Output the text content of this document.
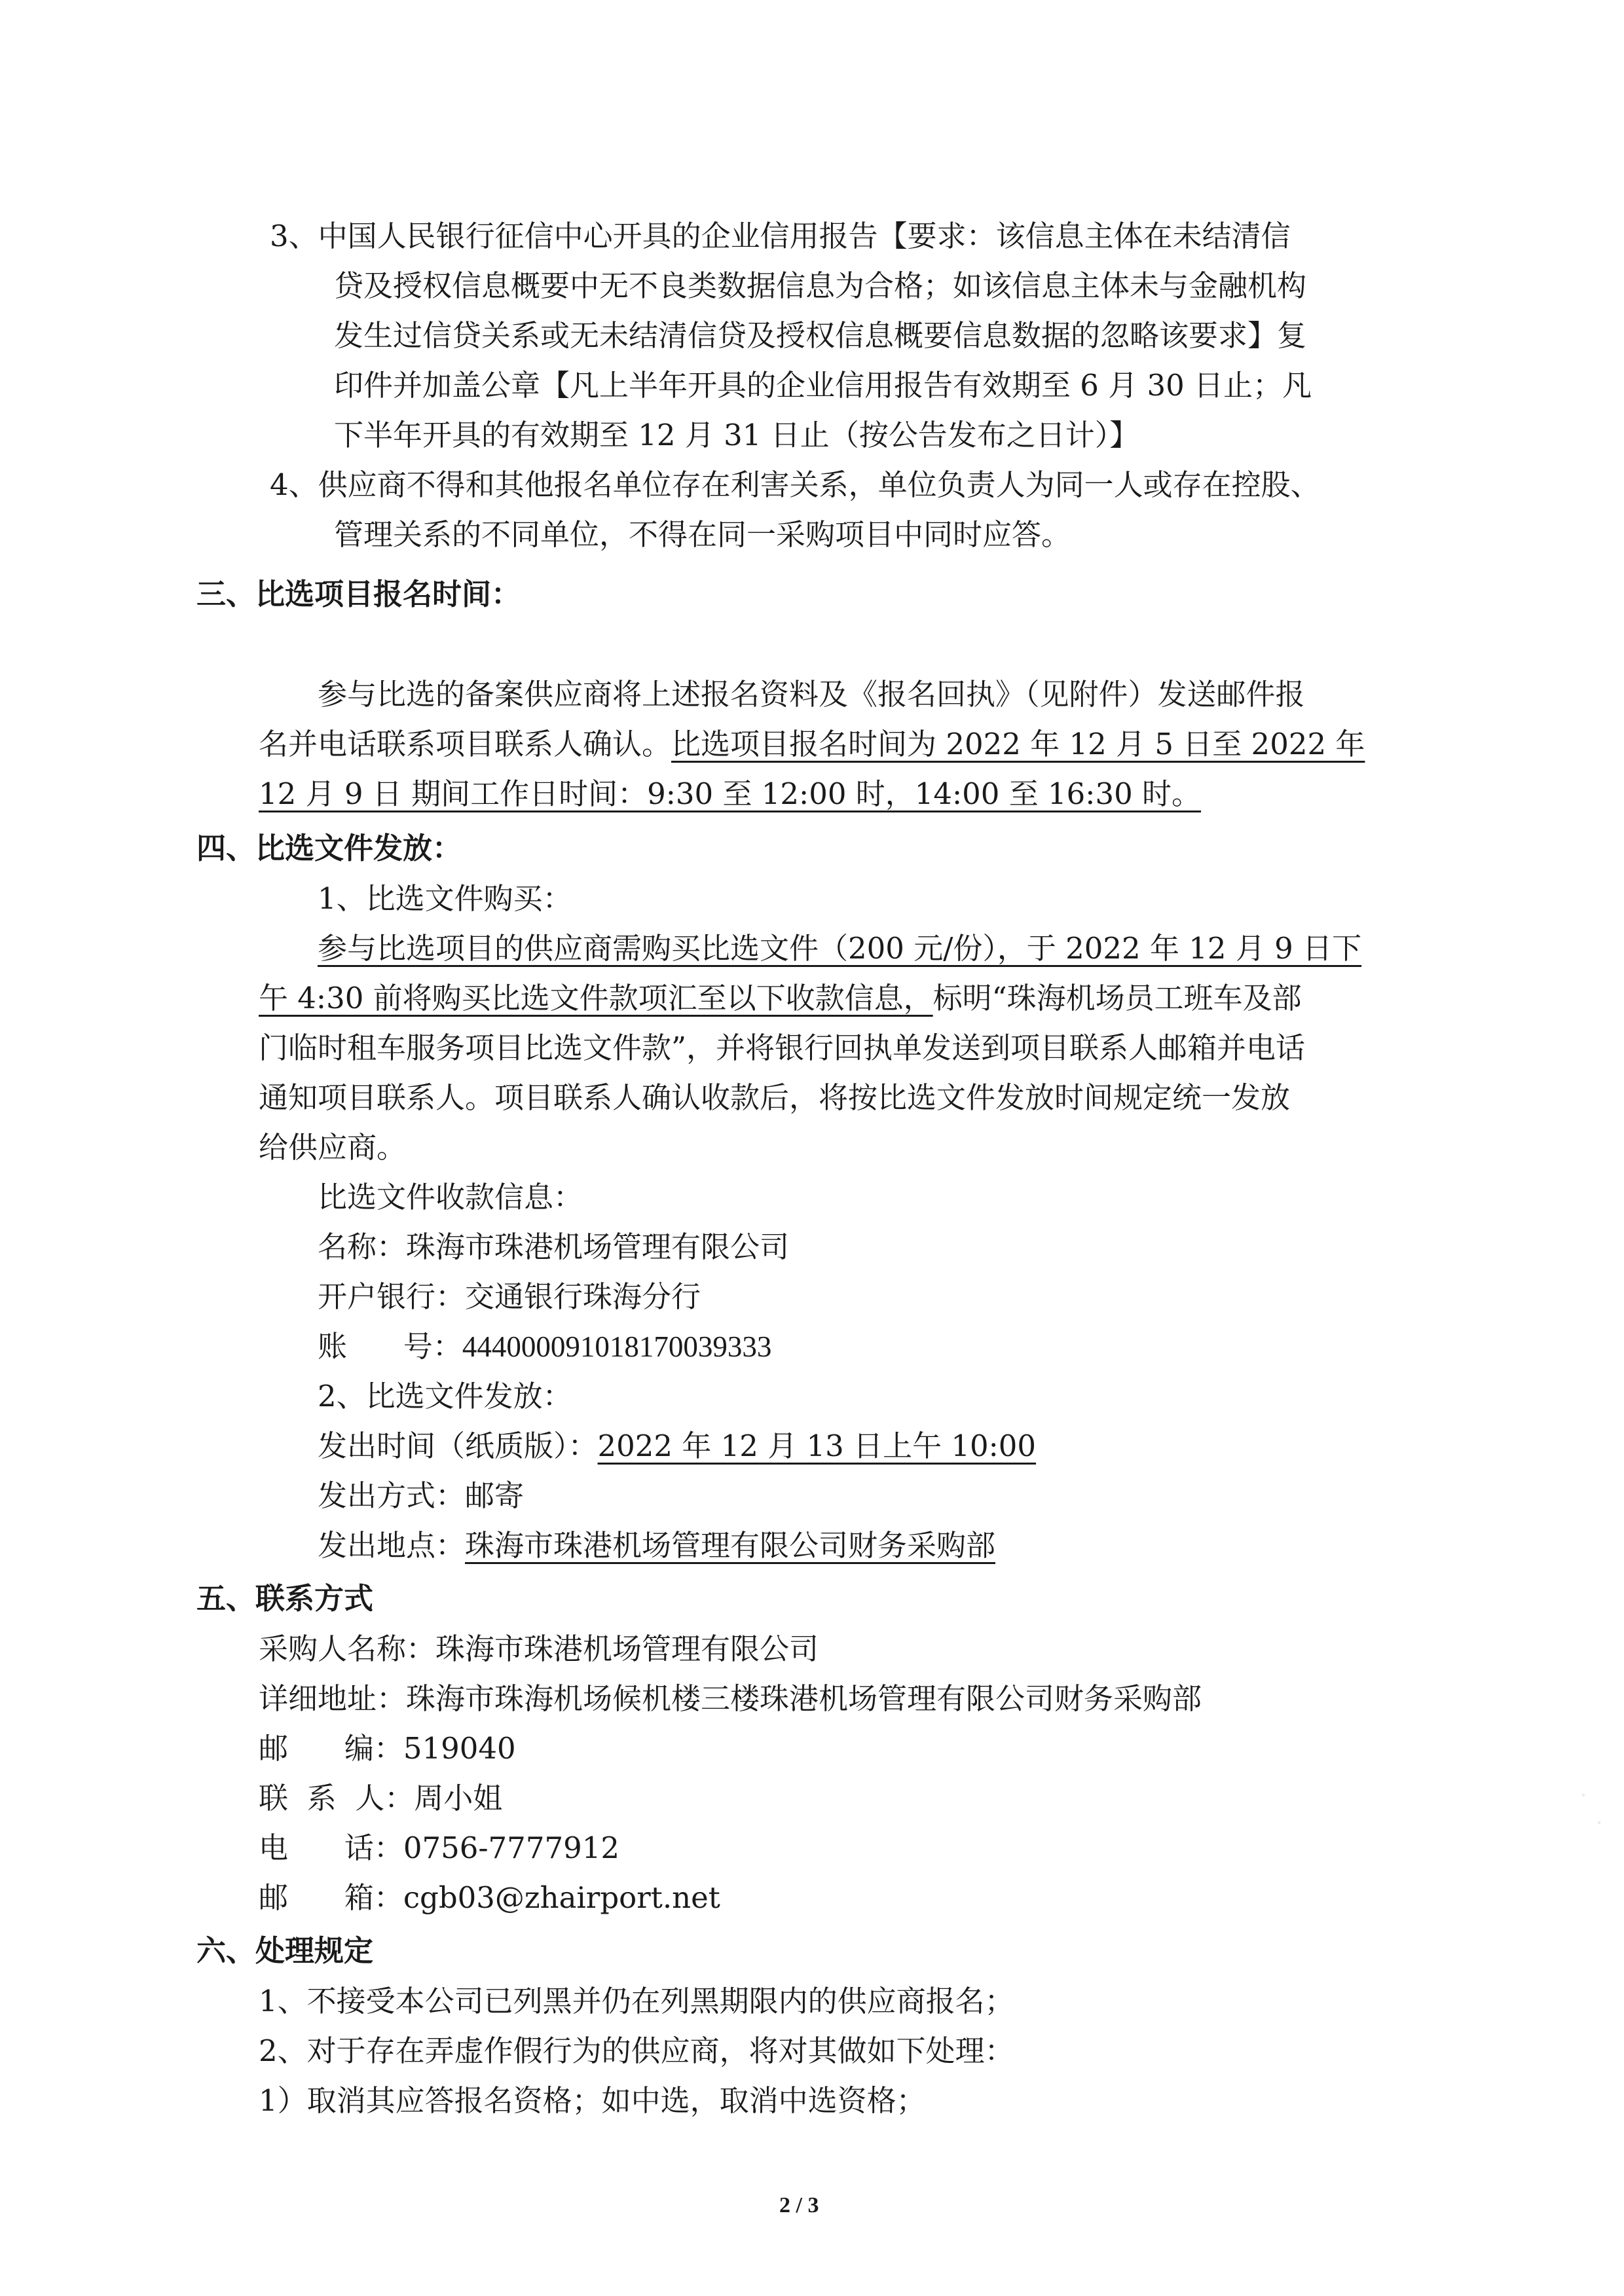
3、中国人民银行征信中心开具的企业信用报告【要求：该信息主体在未结清信
贷及授权信息概要中无不良类数据信息为合格；如该信息主体未与金融机构
发生过信贷关系或无未结清信贷及授权信息概要信息数据的忽略该要求】复
印件并加盖公章【凡上半年开具的企业信用报告有效期至 6 月 30 日止；凡
下半年开具的有效期至 12 月 31 日止（按公告发布之日计）】
4、供应商不得和其他报名单位存在利害关系，单位负责人为同一人或存在控股、
管理关系的不同单位，不得在同一采购项目中同时应答。
三、比选项目报名时间：
参与比选的备案供应商将上述报名资料及《报名回执》（见附件）发送邮件报
名并电话联系项目联系人确认。比选项目报名时间为 2022 年 12 月 5 日至 2022 年
12 月 9 日 期间工作日时间：9:30 至 12:00 时，14:00 至 16:30 时。
四、比选文件发放：
1、比选文件购买：
参与比选项目的供应商需购买比选文件（200 元/份），于 2022 年 12 月 9 日下
午 4:30 前将购买比选文件款项汇至以下收款信息，标明“珠海机场员工班车及部
门临时租车服务项目比选文件款”，并将银行回执单发送到项目联系人邮箱并电话
通知项目联系人。项目联系人确认收款后，将按比选文件发放时间规定统一发放
给供应商。
比选文件收款信息：
名称：珠海市珠港机场管理有限公司
开户银行：交通银行珠海分行
账      号：444000091018170039333
2、比选文件发放：
发出时间（纸质版）：2022 年 12 月 13 日上午 10:00
发出方式：邮寄
发出地点：珠海市珠港机场管理有限公司财务采购部
五、联系方式
采购人名称：珠海市珠港机场管理有限公司
详细地址：珠海市珠海机场候机楼三楼珠港机场管理有限公司财务采购部
邮      编：519040
联  系  人：周小姐
电      话：0756-7777912
邮      箱：cgb03@zhairport.net
六、处理规定
1、不接受本公司已列黑并仍在列黑期限内的供应商报名；
2、对于存在弄虚作假行为的供应商，将对其做如下处理：
1）取消其应答报名资格；如中选，取消中选资格；
2 / 3
